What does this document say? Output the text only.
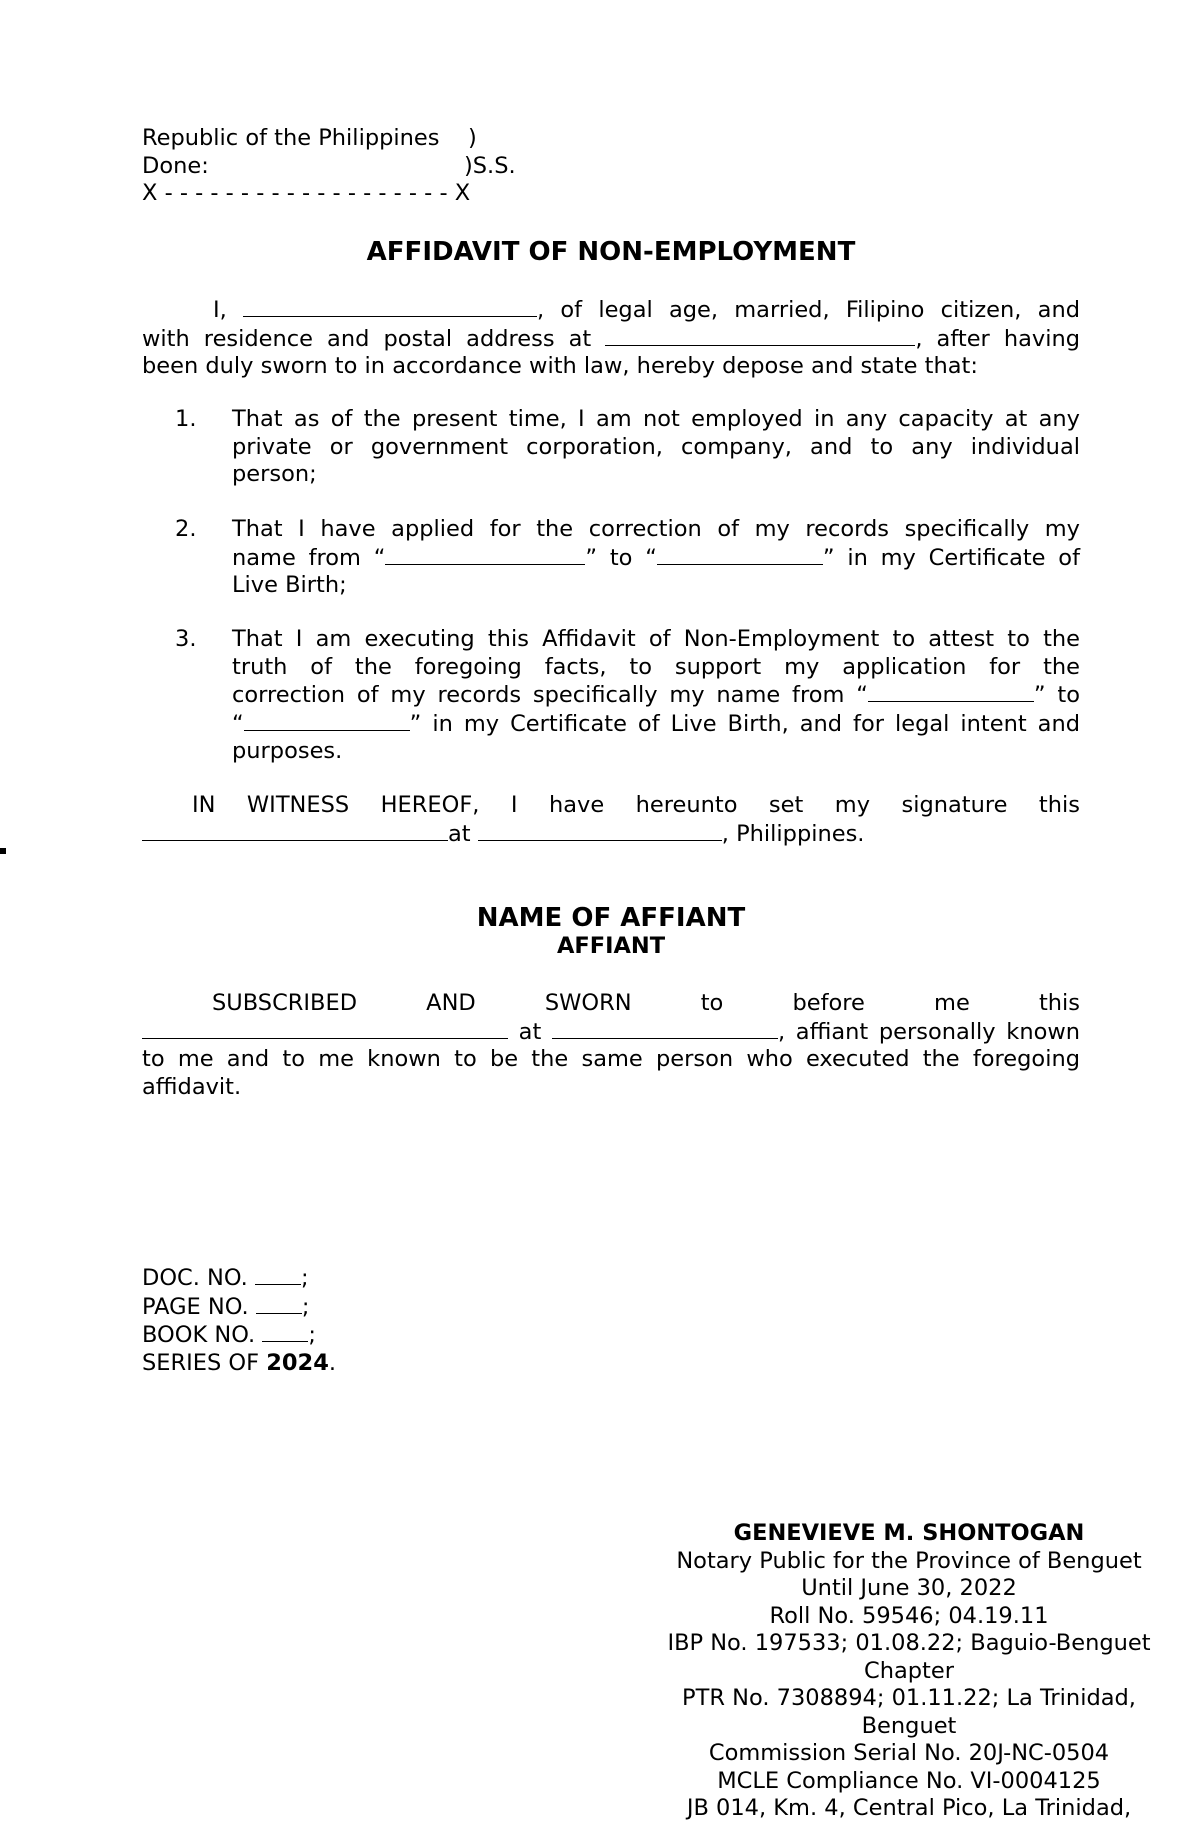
Republic of the Philippines )
Done:	)S.S.
X - - - - - - - - - - - - - - - - - - - X
AFFIDAVIT OF NON-EMPLOYMENT
I,	, of legal age, married, Filipino citizen, and
with residence and postal address at	, after having
been duly sworn to in accordance with law, hereby depose and state that:
1.	That as of the present time, I am not employed in any capacity at any
private or government corporation, company, and to any individual
person;
2.	That I have applied for the correction of my records specifically my
name from “	” to “	” in my Certificate of
Live Birth;
3.	That I am executing this Affidavit of Non-Employment to attest to the
truth of the foregoing facts, to support my application for the
correction of my records specifically my name from “	” to
“	” in my Certificate of Live Birth, and for legal intent and
purposes.
IN WITNESS HEREOF, I have hereunto set my signature this
at	, Philippines.
NAME OF AFFIANT
AFFIANT
SUBSCRIBED AND SWORN to before me this
at	, affiant personally known
to me and to me known to be the same person who executed the foregoing
affidavit.
DOC. NO. ;
PAGE NO. ;
BOOK NO. ;
SERIES OF 2024.
GENEVIEVE M. SHONTOGAN
Notary Public for the Province of Benguet
Until June 30, 2022
Roll No. 59546; 04.19.11
IBP No. 197533; 01.08.22; Baguio-Benguet
Chapter
PTR No. 7308894; 01.11.22; La Trinidad,
Benguet
Commission Serial No. 20J-NC-0504
MCLE Compliance No. VI-0004125
JB 014, Km. 4, Central Pico, La Trinidad,
